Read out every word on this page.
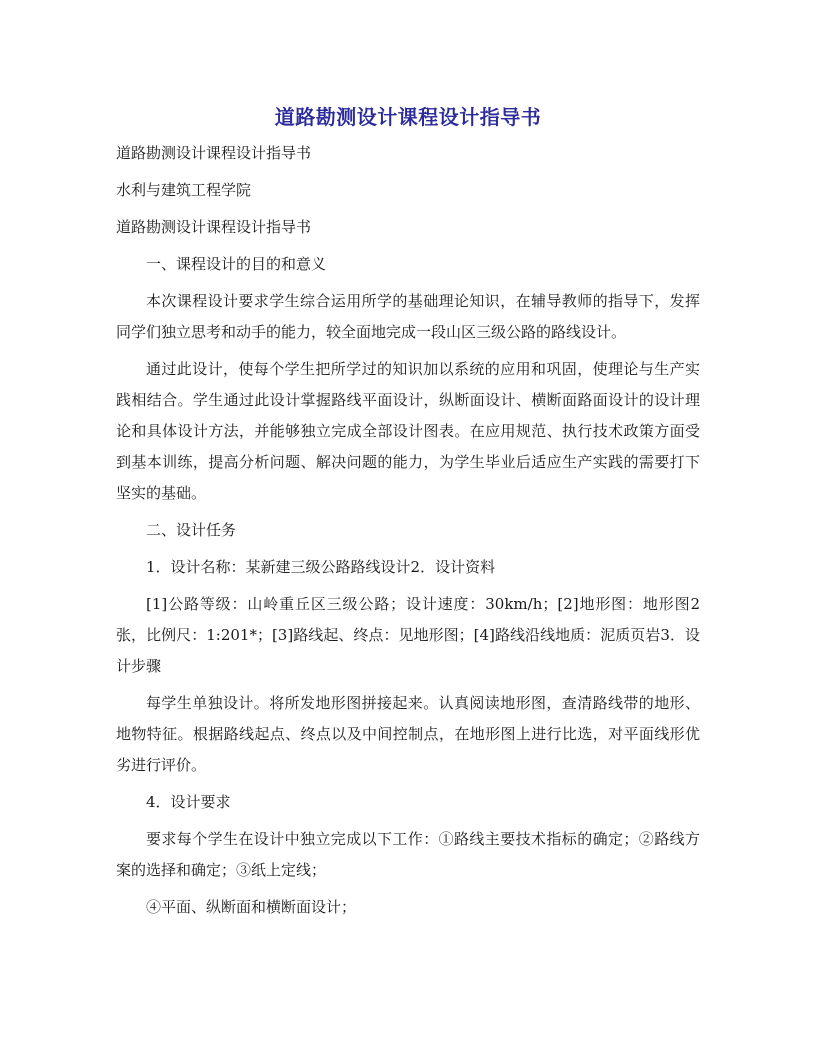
道路勘测设计课程设计指导书

道路勘测设计课程设计指导书

水利与建筑工程学院

道路勘测设计课程设计指导书

一、课程设计的目的和意义

本次课程设计要求学生综合运用所学的基础理论知识，在辅导教师的指导下，发挥同学们独立思考和动手的能力，较全面地完成一段山区三级公路的路线设计。

通过此设计，使每个学生把所学过的知识加以系统的应用和巩固，使理论与生产实践相结合。学生通过此设计掌握路线平面设计，纵断面设计、横断面路面设计的设计理论和具体设计方法，并能够独立完成全部设计图表。在应用规范、执行技术政策方面受到基本训练，提高分析问题、解决问题的能力，为学生毕业后适应生产实践的需要打下坚实的基础。

二、设计任务

1．设计名称：某新建三级公路路线设计2．设计资料

[1]公路等级：山岭重丘区三级公路；设计速度：30km/h；[2]地形图：地形图2张，比例尺：1:201*；[3]路线起、终点：见地形图；[4]路线沿线地质：泥质页岩3．设计步骤

每学生单独设计。将所发地形图拼接起来。认真阅读地形图，查清路线带的地形、地物特征。根据路线起点、终点以及中间控制点，在地形图上进行比选，对平面线形优劣进行评价。

4．设计要求

要求每个学生在设计中独立完成以下工作：①路线主要技术指标的确定；②路线方案的选择和确定；③纸上定线；

④平面、纵断面和横断面设计；
